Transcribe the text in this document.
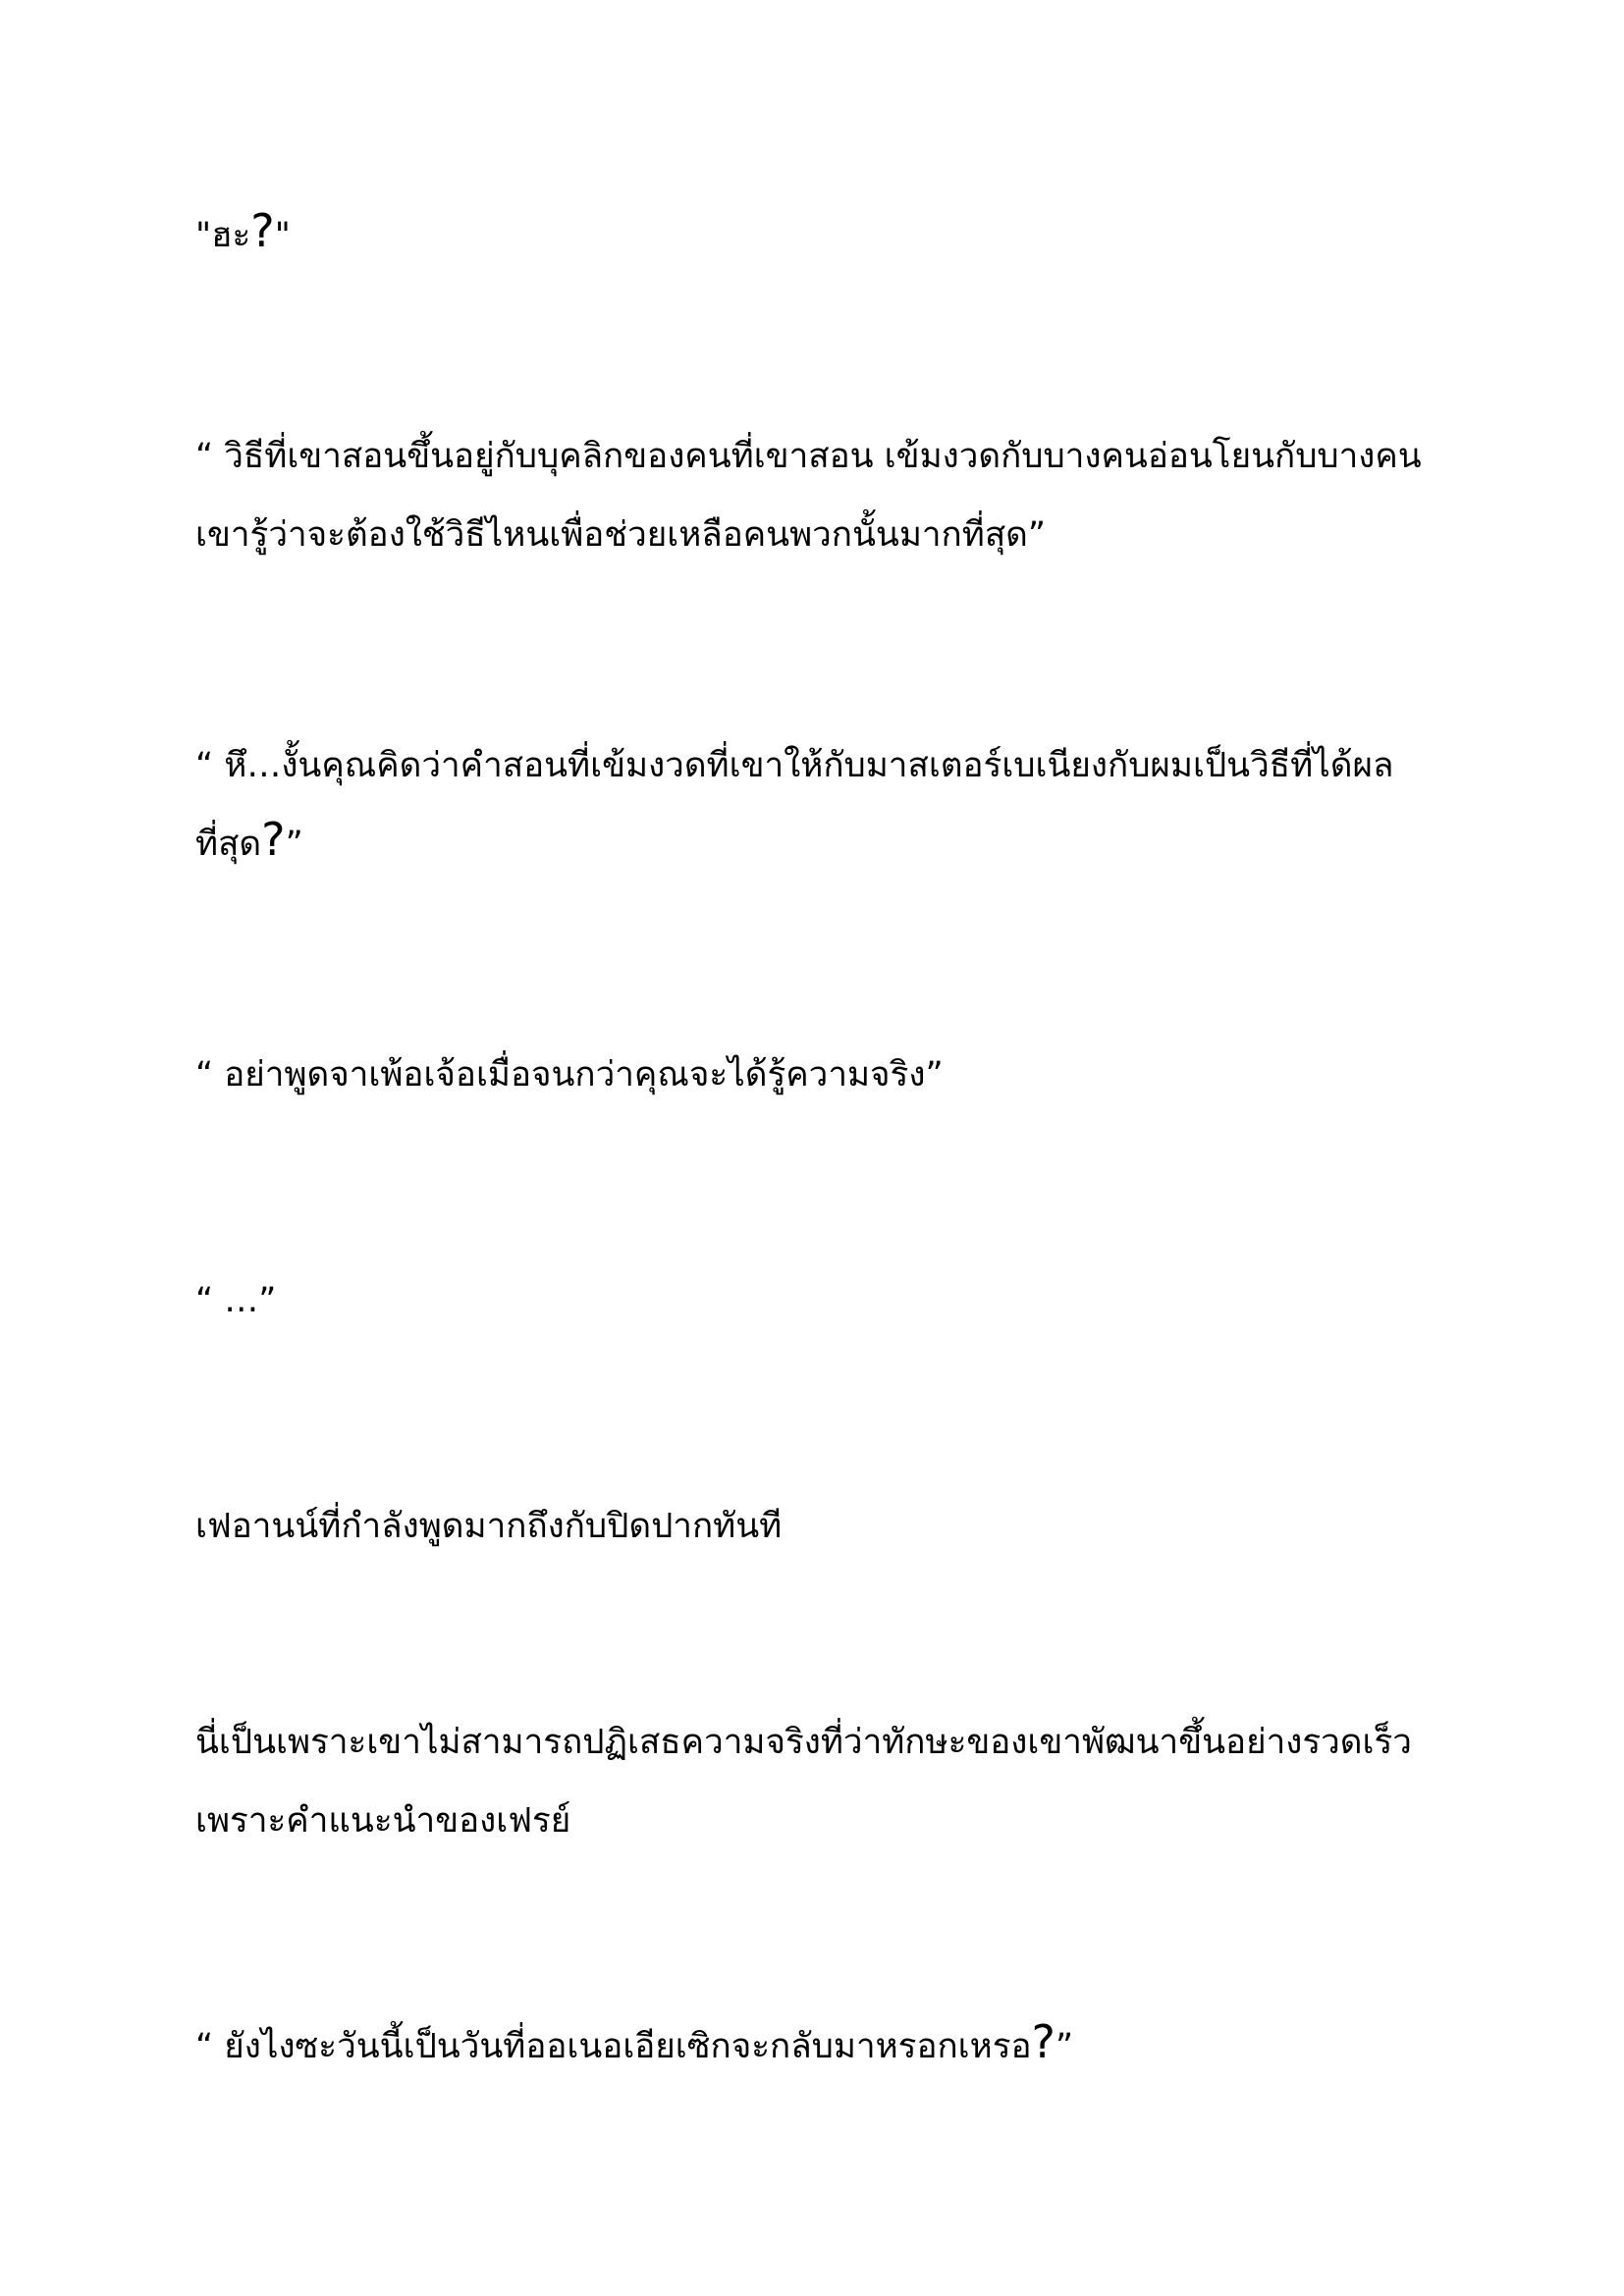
"ฮะ?"
“ วิธีที่เขาสอนขึ้นอยู่กับบุคลิกของคนที่เขาสอน เข้มงวดกับบางคนอ่อนโยนกับบางคน
เขารู้ว่าจะต้องใช้วิธีไหนเพื่อช่วยเหลือคนพวกนั้นมากที่สุด”
“ หึ…งั้นคุณคิดว่าคำสอนที่เข้มงวดที่เขาให้กับมาสเตอร์เบเนียงกับผมเป็นวิธีที่ได้ผล
ที่สุด?”
“ อย่าพูดจาเพ้อเจ้อเมื่อจนกว่าคุณจะได้รู้ความจริง”
“ …”
เฟอานน์ที่กำลังพูดมากถึงกับปิดปากทันที
นี่เป็นเพราะเขาไม่สามารถปฏิเสธความจริงที่ว่าทักษะของเขาพัฒนาขึ้นอย่างรวดเร็ว
เพราะคำแนะนำของเฟรย์
“ ยังไงซะวันนี้เป็นวันที่ออเนอเอียเซิกจะกลับมาหรอกเหรอ?”
